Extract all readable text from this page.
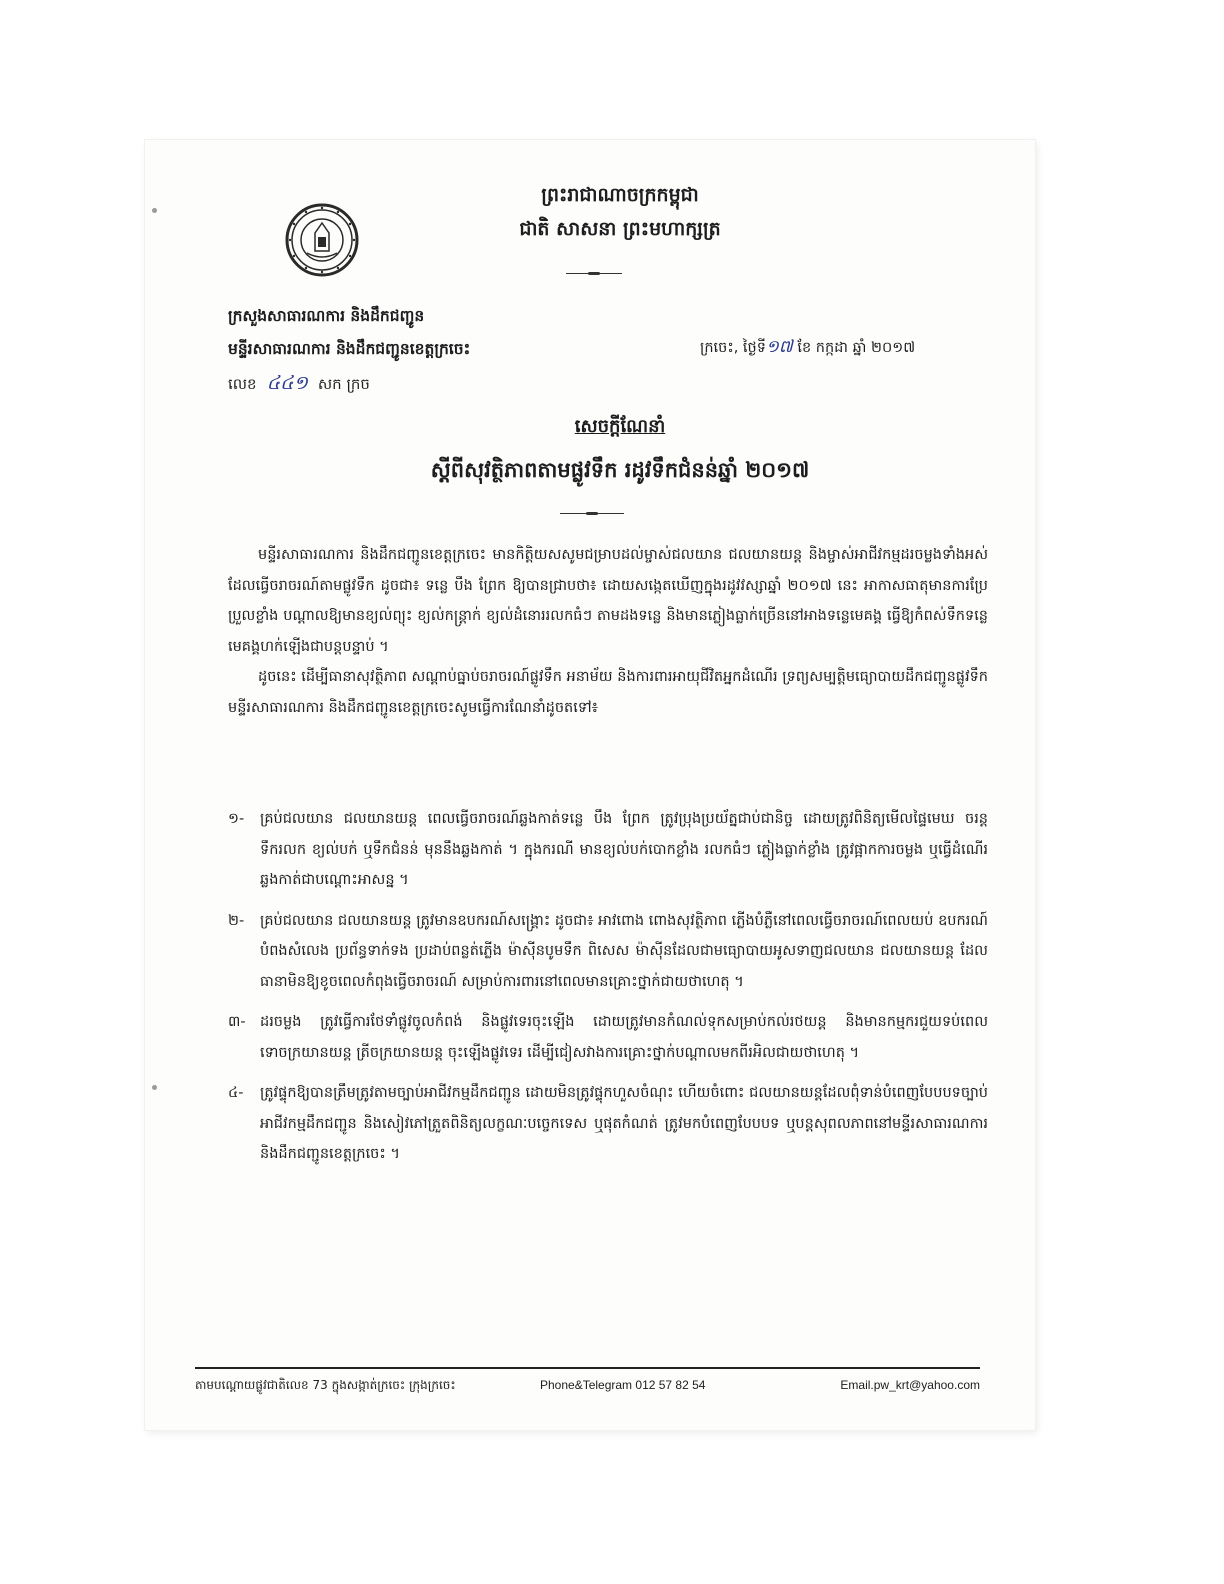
ព្រះរាជាណាចក្រកម្ពុជា
ជាតិ សាសនា ព្រះមហាក្សត្រ
ក្រសួងសាធារណការ និងដឹកជញ្ជូន
មន្ទីរសាធារណការ និងដឹកជញ្ជូនខេត្តក្រចេះ
លេខ ៤៤១ សក ក្រច
ក្រចេះ, ថ្ងៃទី១៧ ខែ កក្កដា ឆ្នាំ ២០១៧
សេចក្តីណែនាំ
ស្តីពីសុវត្ថិភាពតាមផ្លូវទឹក រដូវទឹកជំនន់ឆ្នាំ ២០១៧

មន្ទីរសាធារណការ និងដឹកជញ្ជូនខេត្តក្រចេះ មានកិត្តិយសសូមជម្រាបដល់ម្ចាស់ជលយាន ជលយានយន្ត និងម្ចាស់អាជីវកម្មដរចម្លងទាំងអស់ដែលធ្វើចរាចរណ៍តាមផ្លូវទឹក ដូចជា៖ ទន្លេ បឹង ព្រែក ឱ្យបានជ្រាបថា៖ ដោយសង្កេតឃើញក្នុងរដូវវស្សាឆ្នាំ ២០១៧ នេះ អាកាសធាតុមានការប្រែប្រួលខ្លាំង បណ្តាលឱ្យមានខ្យល់ព្យុះ ខ្យល់កន្ត្រាក់ ខ្យល់ដំនោររលកធំៗ តាមដងទន្លេ និងមានភ្លៀងធ្លាក់ច្រើននៅអាងទន្លេមេគង្គ ធ្វើឱ្យកំពស់ទឹកទន្លេមេគង្គហក់ឡើងជាបន្តបន្ទាប់ ។

ដូចនេះ ដើម្បីធានាសុវត្ថិភាព សណ្តាប់ធ្នាប់ចរាចរណ៍ផ្លូវទឹក អនាម័យ និងការពារអាយុជីវិតអ្នកដំណើរ ទ្រព្យសម្បត្តិមធ្យោបាយដឹកជញ្ជូនផ្លូវទឹក មន្ទីរសាធារណការ និងដឹកជញ្ជូនខេត្តក្រចេះសូមធ្វើការណែនាំដូចតទៅ៖

១- គ្រប់ជលយាន ជលយានយន្ត ពេលធ្វើចរាចរណ៍ឆ្លងកាត់ទន្លេ បឹង ព្រែក ត្រូវប្រុងប្រយ័ត្នជាប់ជានិច្ច ដោយត្រូវពិនិត្យមើលផ្ទៃមេឃ ចរន្តទឹករលក ខ្យល់បក់ ឬទឹកជំនន់ មុននឹងឆ្លងកាត់ ។ ក្នុងករណី មានខ្យល់បក់បោកខ្លាំង រលកធំៗ ភ្លៀងធ្លាក់ខ្លាំង ត្រូវផ្អាកការចម្លង ឬធ្វើដំណើរឆ្លងកាត់ជាបណ្តោះអាសន្ន ។
២- គ្រប់ជលយាន ជលយានយន្ត ត្រូវមានឧបករណ៍សង្គ្រោះ ដូចជា៖ អាវពោង ពោងសុវត្ថិភាព ភ្លើងបំភ្លឺនៅពេលធ្វើចរាចរណ៍ពេលយប់ ឧបករណ៍បំពងសំលេង ប្រព័ន្ធទាក់ទង ប្រដាប់ពន្លត់ភ្លើង ម៉ាស៊ីនបូមទឹក ពិសេស ម៉ាស៊ីនដែលជាមធ្យោបាយអូសទាញជលយាន ជលយានយន្ត ដែលធានាមិនឱ្យខូចពេលកំពុងធ្វើចរាចរណ៍ សម្រាប់ការពារនៅពេលមានគ្រោះថ្នាក់ជាយថាហេតុ ។
៣- ដរចម្លង ត្រូវធ្វើការថែទាំផ្លូវចូលកំពង់ និងផ្លូវទេរចុះឡើង ដោយត្រូវមានកំណល់ទុកសម្រាប់កល់រថយន្ត និងមានកម្មករជួយទប់ពេលទោចក្រយានយន្ត ត្រីចក្រយានយន្ត ចុះឡើងផ្លូវទេរ ដើម្បីជៀសវាងការគ្រោះថ្នាក់បណ្តាលមកពីរអិលជាយថាហេតុ ។
៤- ត្រូវផ្ទុកឱ្យបានត្រឹមត្រូវតាមច្បាប់អាជីវកម្មដឹកជញ្ជូន ដោយមិនត្រូវផ្ទុកហួសចំណុះ ហើយចំពោះ ជលយានយន្តដែលពុំទាន់បំពេញបែបបទច្បាប់អាជីវកម្មដឹកជញ្ជូន និងសៀវភៅត្រួតពិនិត្យលក្ខណៈបច្ចេកទេស ឬផុតកំណត់ ត្រូវមកបំពេញបែបបទ ឬបន្តសុពលភាពនៅមន្ទីរសាធារណការ និងដឹកជញ្ជូនខេត្តក្រចេះ ។
តាមបណ្តោយផ្លូវជាតិលេខ 73 ក្នុងសង្កាត់ក្រចេះ ក្រុងក្រចេះ	Phone&Telegram 012 57 82 54	Email.pw_krt@yahoo.com
